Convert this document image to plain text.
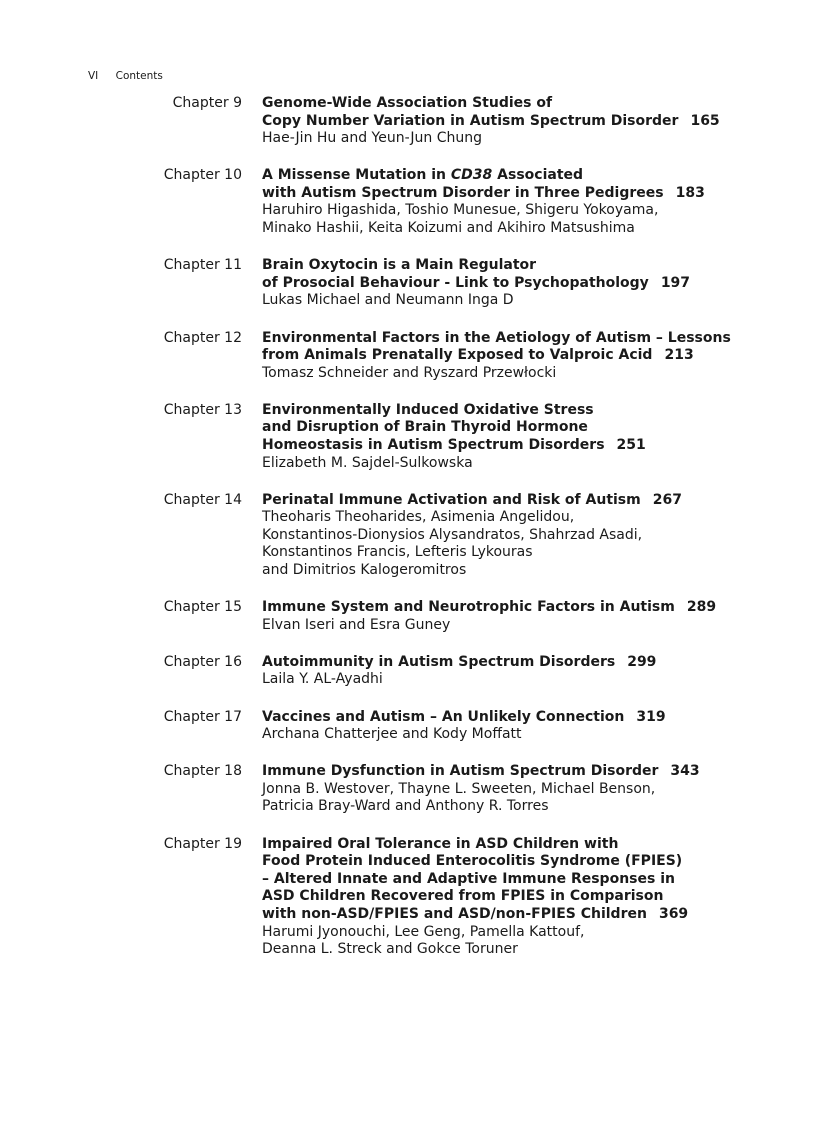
VI Contents
Chapter 9 Genome-Wide Association Studies of
Copy Number Variation in Autism Spectrum Disorder 165
Hae-Jin Hu and Yeun-Jun Chung
Chapter 10 A Missense Mutation in CD38 Associated
with Autism Spectrum Disorder in Three Pedigrees 183
Haruhiro Higashida, Toshio Munesue, Shigeru Yokoyama,
Minako Hashii, Keita Koizumi and Akihiro Matsushima
Chapter 11 Brain Oxytocin is a Main Regulator
of Prosocial Behaviour - Link to Psychopathology 197
Lukas Michael and Neumann Inga D
Chapter 12 Environmental Factors in the Aetiology of Autism – Lessons
from Animals Prenatally Exposed to Valproic Acid 213
Tomasz Schneider and Ryszard Przewłocki
Chapter 13 Environmentally Induced Oxidative Stress
and Disruption of Brain Thyroid Hormone
Homeostasis in Autism Spectrum Disorders 251
Elizabeth M. Sajdel-Sulkowska
Chapter 14 Perinatal Immune Activation and Risk of Autism 267
Theoharis Theoharides, Asimenia Angelidou,
Konstantinos-Dionysios Alysandratos, Shahrzad Asadi,
Konstantinos Francis, Lefteris Lykouras
and Dimitrios Kalogeromitros
Chapter 15 Immune System and Neurotrophic Factors in Autism 289
Elvan Iseri and Esra Guney
Chapter 16 Autoimmunity in Autism Spectrum Disorders 299
Laila Y. AL-Ayadhi
Chapter 17 Vaccines and Autism – An Unlikely Connection 319
Archana Chatterjee and Kody Moffatt
Chapter 18 Immune Dysfunction in Autism Spectrum Disorder 343
Jonna B. Westover, Thayne L. Sweeten, Michael Benson,
Patricia Bray-Ward and Anthony R. Torres
Chapter 19 Impaired Oral Tolerance in ASD Children with
Food Protein Induced Enterocolitis Syndrome (FPIES)
– Altered Innate and Adaptive Immune Responses in
ASD Children Recovered from FPIES in Comparison
with non-ASD/FPIES and ASD/non-FPIES Children 369
Harumi Jyonouchi, Lee Geng, Pamella Kattouf,
Deanna L. Streck and Gokce Toruner
